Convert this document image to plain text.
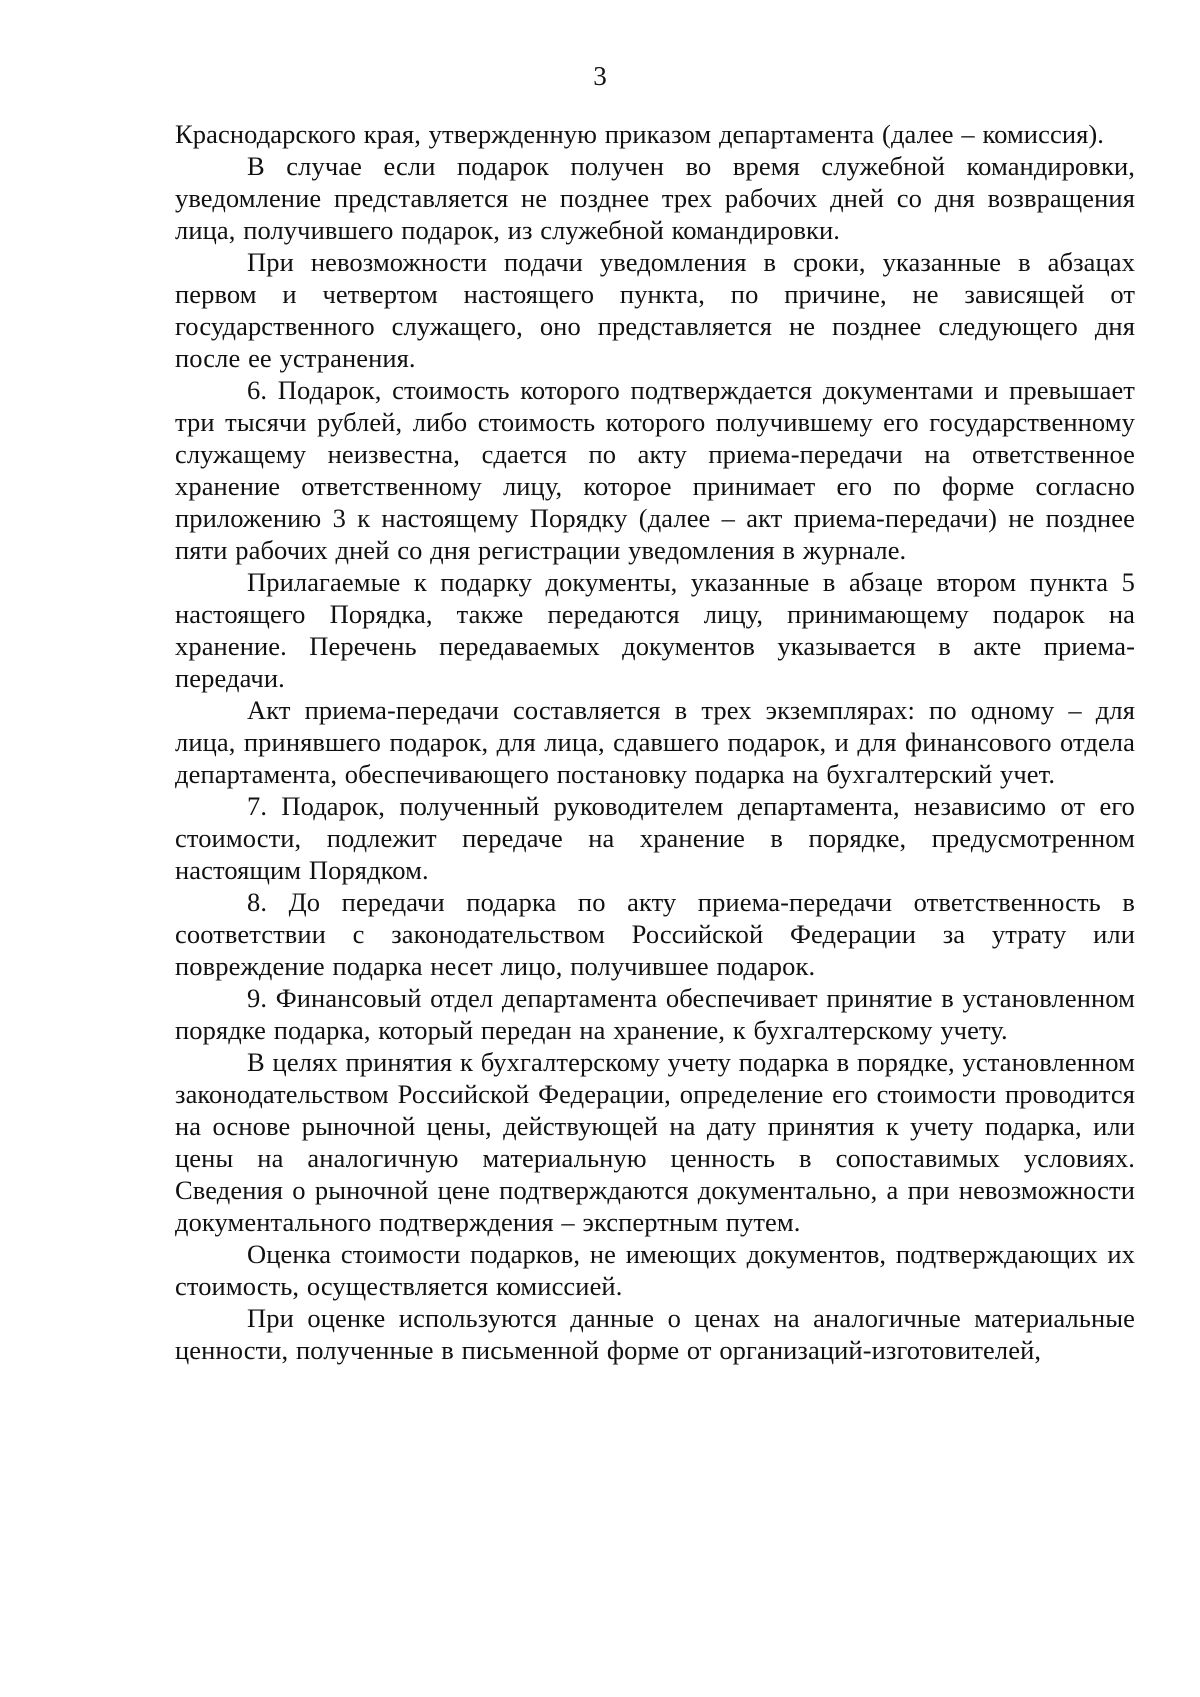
3

Краснодарского края, утвержденную приказом департамента (далее – комиссия).

В случае если подарок получен во время служебной командировки, уведомление представляется не позднее трех рабочих дней со дня возвращения лица, получившего подарок, из служебной командировки.

При невозможности подачи уведомления в сроки, указанные в абзацах первом и четвертом настоящего пункта, по причине, не зависящей от государственного служащего, оно представляется не позднее следующего дня после ее устранения.

6. Подарок, стоимость которого подтверждается документами и превышает три тысячи рублей, либо стоимость которого получившему его государственному служащему неизвестна, сдается по акту приема-передачи на ответственное хранение ответственному лицу, которое принимает его по форме согласно приложению 3 к настоящему Порядку (далее – акт приема-передачи) не позднее пяти рабочих дней со дня регистрации уведомления в журнале.

Прилагаемые к подарку документы, указанные в абзаце втором пункта 5 настоящего Порядка, также передаются лицу, принимающему подарок на хранение. Перечень передаваемых документов указывается в акте приема-передачи.

Акт приема-передачи составляется в трех экземплярах: по одному – для лица, принявшего подарок, для лица, сдавшего подарок, и для финансового отдела департамента, обеспечивающего постановку подарка на бухгалтерский учет.

7. Подарок, полученный руководителем департамента, независимо от его стоимости, подлежит передаче на хранение в порядке, предусмотренном настоящим Порядком.

8. До передачи подарка по акту приема-передачи ответственность в соответствии с законодательством Российской Федерации за утрату или повреждение подарка несет лицо, получившее подарок.

9. Финансовый отдел департамента обеспечивает принятие в установленном порядке подарка, который передан на хранение, к бухгалтерскому учету.

В целях принятия к бухгалтерскому учету подарка в порядке, установленном законодательством Российской Федерации, определение его стоимости проводится на основе рыночной цены, действующей на дату принятия к учету подарка, или цены на аналогичную материальную ценность в сопоставимых условиях. Сведения о рыночной цене подтверждаются документально, а при невозможности документального подтверждения – экспертным путем.

Оценка стоимости подарков, не имеющих документов, подтверждающих их стоимость, осуществляется комиссией.

При оценке используются данные о ценах на аналогичные материальные ценности, полученные в письменной форме от организаций-изготовителей,
